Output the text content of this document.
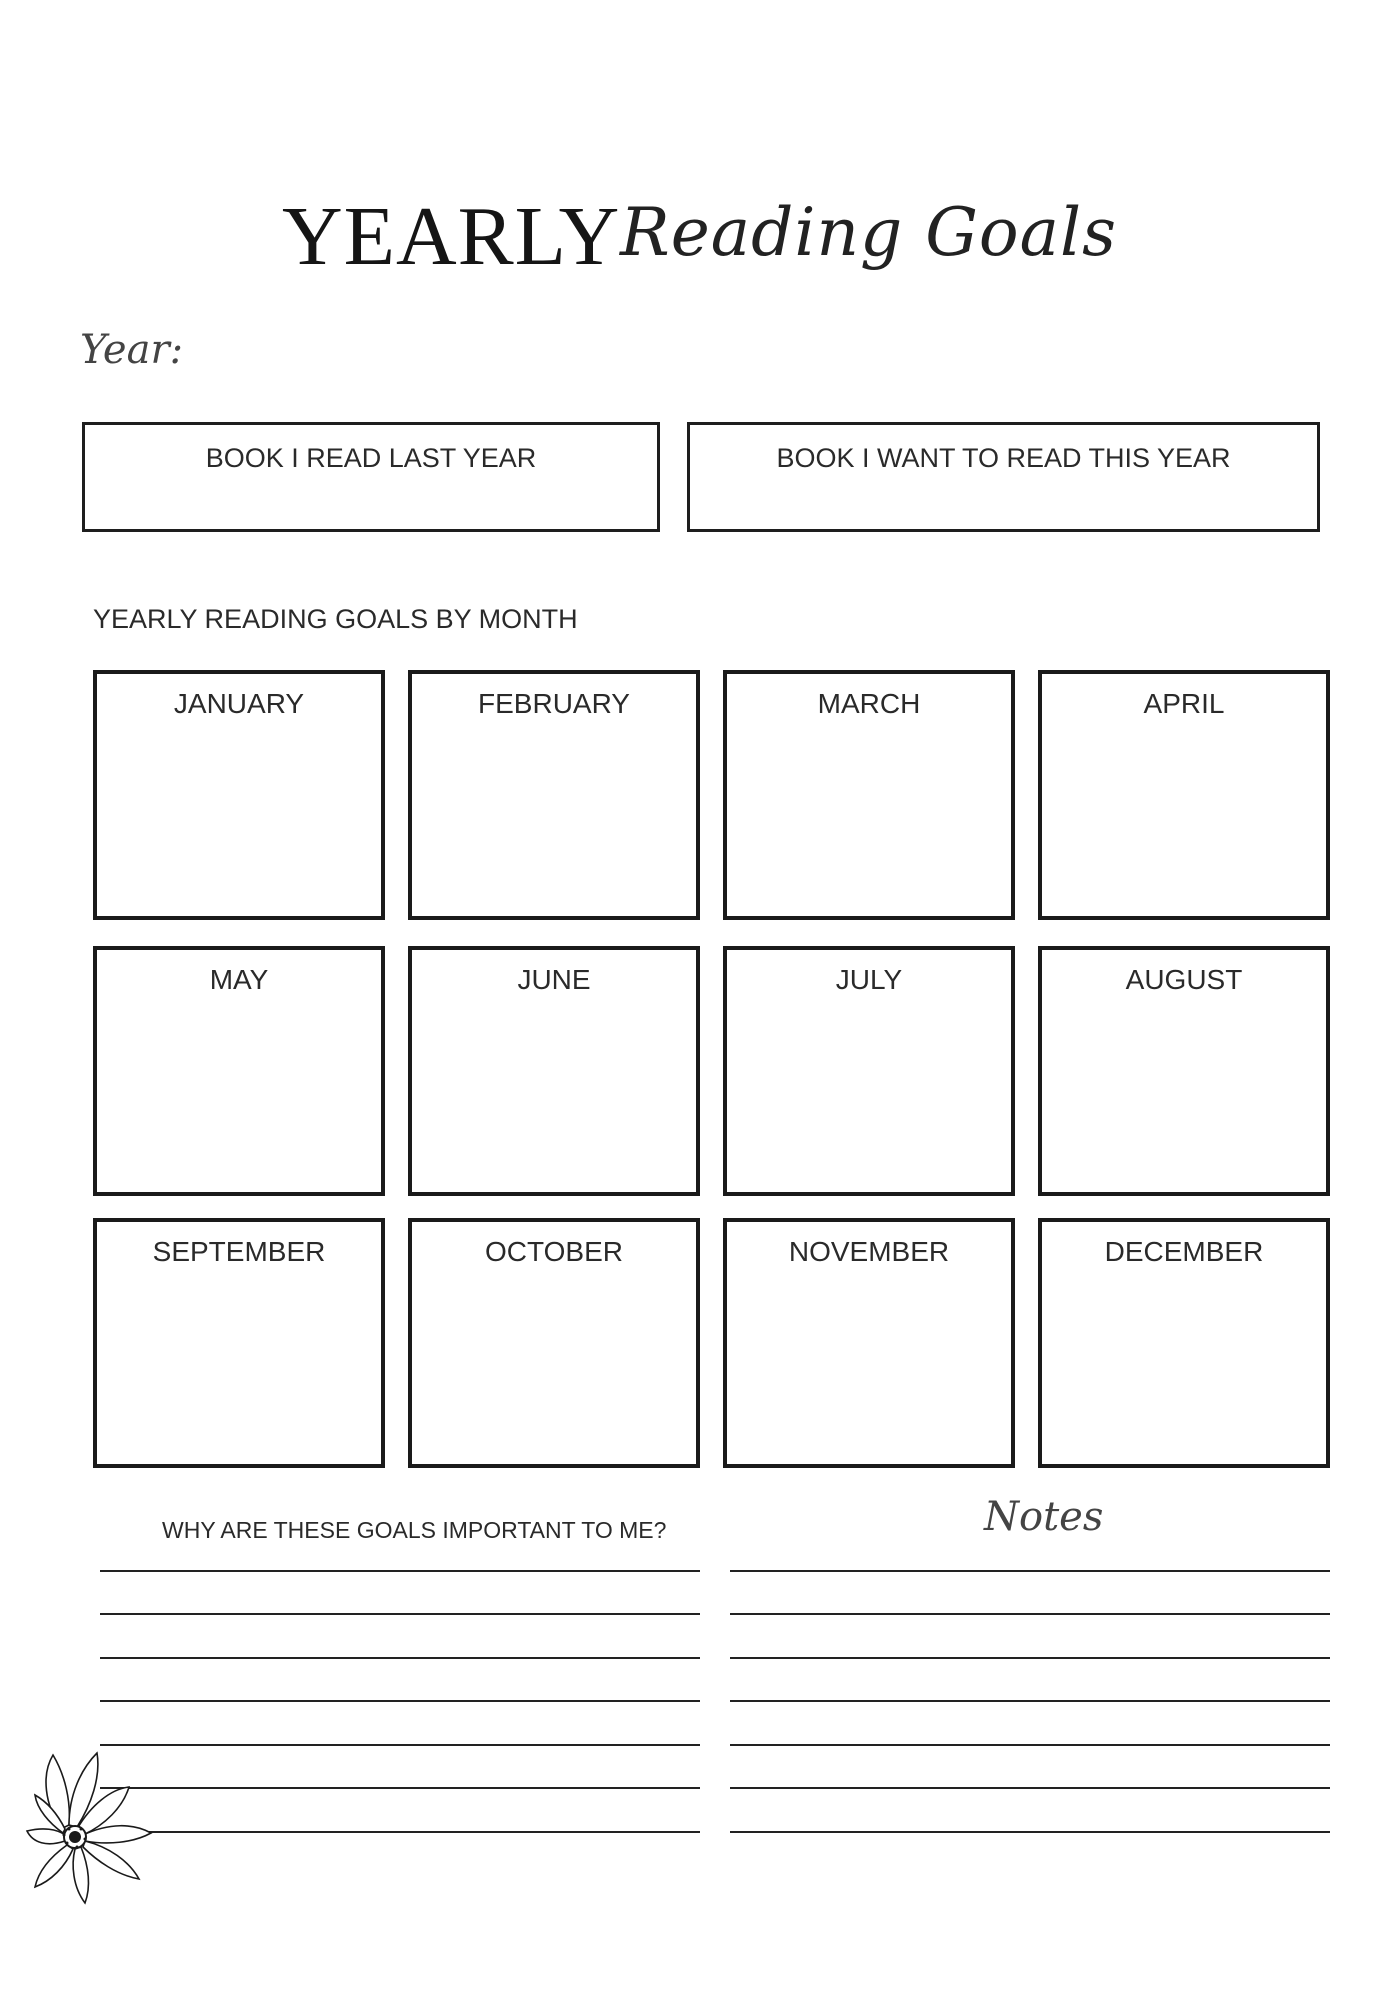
YEARLY Reading Goals
Year:
BOOK I READ LAST YEAR	BOOK I WANT TO READ THIS YEAR
YEARLY READING GOALS BY MONTH
JANUARY	FEBRUARY	MARCH	APRIL
MAY	JUNE	JULY	AUGUST
SEPTEMBER	OCTOBER	NOVEMBER	DECEMBER
WHY ARE THESE GOALS IMPORTANT TO ME?	Notes
